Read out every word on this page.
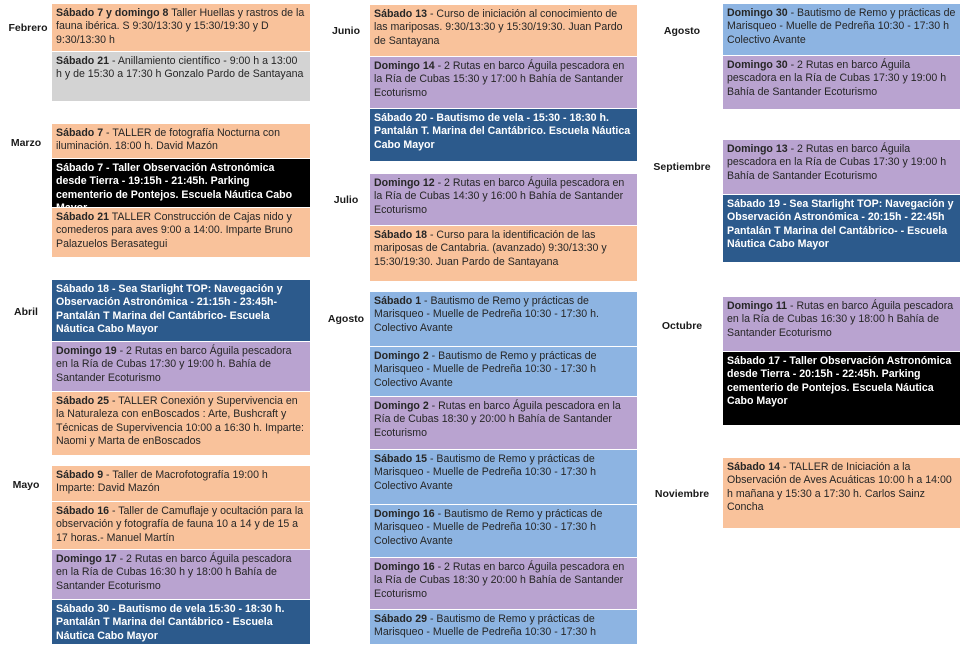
Febrero
Marzo
Abril
Mayo
Junio
Julio
Agosto
Agosto
Septiembre
Octubre
Noviembre
Sábado 7 y domingo 8 Taller Huellas y rastros de la fauna ibérica. S 9:30/13:30 y 15:30/19:30 y D 9:30/13:30 h
Sábado 21 - Anillamiento científico - 9:00 h a 13:00 h y de 15:30 a 17:30 h Gonzalo Pardo de Santayana
Sábado 7 - TALLER de fotografía Nocturna con iluminación. 18:00 h. David Mazón
Sábado 7 - Taller Observación Astronómica desde Tierra - 19:15h - 21:45h. Parking cementerio de Pontejos. Escuela Náutica Cabo
Sábado 21 TALLER Construcción de Cajas nido y comederos para aves 9:00 a 14:00. Imparte Bruno Palazuelos Berasategui
Sábado 18 - Sea Starlight TOP: Navegación y Observación Astronómica - 21:15h - 23:45h- Pantalán T Marina del Cantábrico- Escuela Náutica Cabo Mayor
Domingo 19 - 2 Rutas en barco Águila pescadora en la Ría de Cubas 17:30 y 19:00 h. Bahía de Santander Ecoturismo
Sábado 25 - TALLER Conexión y Supervivencia en la Naturaleza con enBoscados : Arte, Bushcraft y Técnicas de Supervivencia 10:00 a 16:30 h. Imparte: Naomi y Marta de enBoscados
Sábado 9 - Taller de Macrofotografía 19:00 h Imparte: David Mazón
Sábado 16 - Taller de Camuflaje y ocultación para la observación y fotografía de fauna 10 a 14 y de 15 a 17 horas.- Manuel Martín
Domingo 17 - 2 Rutas en barco Águila pescadora en la Ría de Cubas 16:30 h y 18:00 h Bahía de Santander Ecoturismo
Sábado 30 - Bautismo de vela 15:30 - 18:30 h. Pantalán T Marina del Cantábrico - Escuela Náutica Cabo Mayor
Sábado 13 - Curso de iniciación al conocimiento de las mariposas. 9:30/13:30 y 15:30/19:30. Juan Pardo de Santayana
Domingo 14 - 2 Rutas en barco Águila pescadora en la Ría de Cubas 15:30 y 17:00 h Bahía de Santander Ecoturismo
Sábado 20 - Bautismo de vela - 15:30 - 18:30 h. Pantalán T. Marina del Cantábrico. Escuela Náutica Cabo Mayor
Domingo 12 - 2 Rutas en barco Águila pescadora en la Ría de Cubas 14:30 y 16:00 h Bahía de Santander Ecoturismo
Sábado 18 - Curso para la identificación de las mariposas de Cantabria. (avanzado) 9:30/13:30 y 15:30/19:30. Juan Pardo de Santayana
Sábado 1 - Bautismo de Remo y prácticas de Marisqueo - Muelle de Pedreña 10:30 - 17:30 h. Colectivo Avante
Domingo 2 - Bautismo de Remo y prácticas de Marisqueo - Muelle de Pedreña 10:30 - 17:30 h Colectivo Avante
Domingo 2 - Rutas en barco Águila pescadora en la Ría de Cubas 18:30 y 20:00 h Bahía de Santander Ecoturismo
Sábado 15 - Bautismo de Remo y prácticas de Marisqueo - Muelle de Pedreña 10:30 - 17:30 h Colectivo Avante
Domingo 16 - Bautismo de Remo y prácticas de Marisqueo - Muelle de Pedreña 10:30 - 17:30 h Colectivo Avante
Domingo 16 - 2 Rutas en barco Águila pescadora en la Ría de Cubas 18:30 y 20:00 h Bahía de Santander Ecoturismo
Sábado 29 - Bautismo de Remo y prácticas de Marisqueo - Muelle de Pedreña 10:30 - 17:30 h
Domingo 30 - Bautismo de Remo y prácticas de Marisqueo - Muelle de Pedreña 10:30 - 17:30 h Colectivo Avante
Domingo 30 - 2 Rutas en barco Águila pescadora en la Ría de Cubas 17:30 y 19:00 h Bahía de Santander Ecoturismo
Domingo 13 - 2 Rutas en barco Águila pescadora en la Ría de Cubas 17:30 y 19:00 h Bahía de Santander Ecoturismo
Sábado 19 - Sea Starlight TOP: Navegación y Observación Astronómica - 20:15h - 22:45h Pantalán T Marina del Cantábrico- - Escuela Náutica Cabo Mayor
Domingo 11 - Rutas en barco Águila pescadora en la Ría de Cubas 16:30 y 18:00 h Bahía de Santander Ecoturismo
Sábado 17 - Taller Observación Astronómica desde Tierra - 20:15h - 22:45h. Parking cementerio de Pontejos. Escuela Náutica Cabo Mayor
Sábado 14 - TALLER de Iniciación a la Observación de Aves Acuáticas 10:00 h a 14:00 h mañana y 15:30 a 17:30 h. Carlos Sainz Concha
